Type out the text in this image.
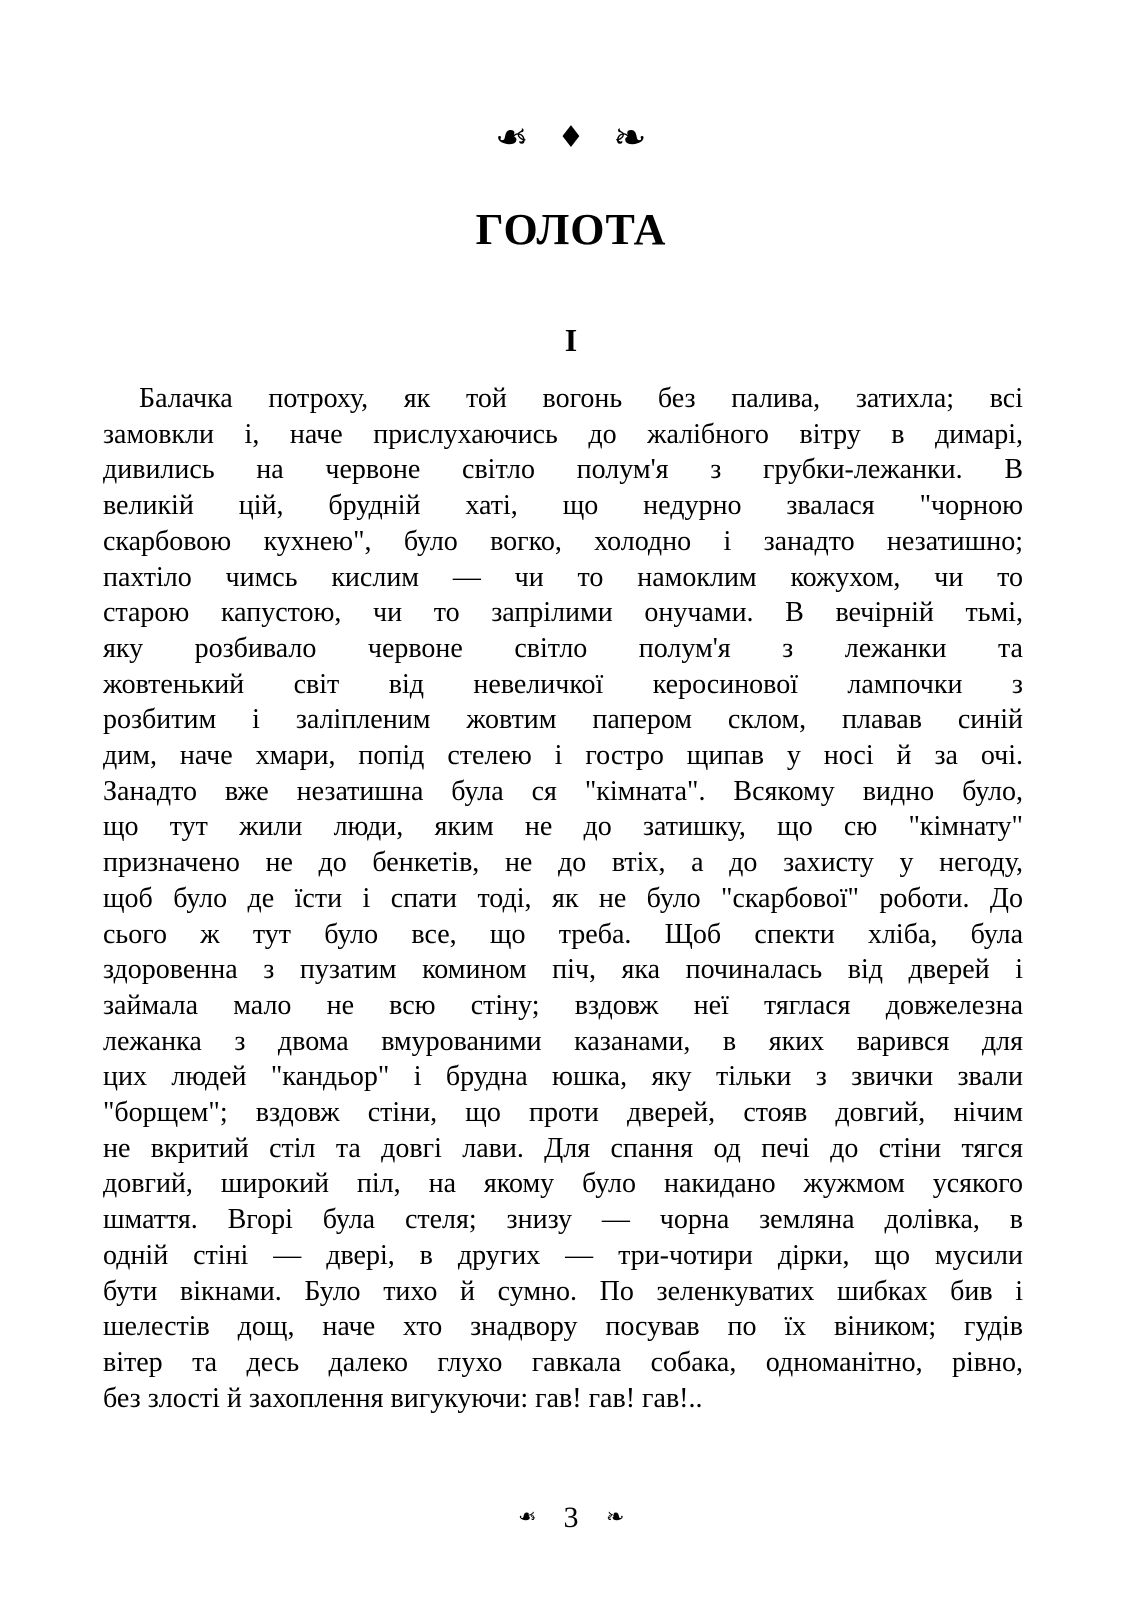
❧ ♦ ❧
ГОЛОТА
I
Балачка потроху, як той вогонь без палива, затихла; всі
замовкли і, наче прислухаючись до жалібного вітру в димарі,
дивились на червоне світло полум'я з грубки-лежанки. В
великій цій, брудній хаті, що недурно звалася "чорною
скарбовою кухнею", було вогко, холодно і занадто незатишно;
пахтіло чимсь кислим — чи то намоклим кожухом, чи то
старою капустою, чи то запрілими онучами. В вечірній тьмі,
яку розбивало червоне світло полум'я з лежанки та
жовтенький світ від невеличкої керосинової лампочки з
розбитим і заліпленим жовтим папером склом, плавав синій
дим, наче хмари, попід стелею і гостро щипав у носі й за очі.
Занадто вже незатишна була ся "кімната". Всякому видно було,
що тут жили люди, яким не до затишку, що сю "кімнату"
призначено не до бенкетів, не до втіх, а до захисту у негоду,
щоб було де їсти і спати тоді, як не було "скарбової" роботи. До
сього ж тут було все, що треба. Щоб спекти хліба, була
здоровенна з пузатим комином піч, яка починалась від дверей і
займала мало не всю стіну; вздовж неї тяглася довжелезна
лежанка з двома вмурованими казанами, в яких варився для
цих людей "кандьор" і брудна юшка, яку тільки з звички звали
"борщем"; вздовж стіни, що проти дверей, стояв довгий, нічим
не вкритий стіл та довгі лави. Для спання од печі до стіни тягся
довгий, широкий піл, на якому було накидано жужмом усякого
шмаття. Вгорі була стеля; знизу — чорна земляна долівка, в
одній стіні — двері, в других — три-чотири дірки, що мусили
бути вікнами. Було тихо й сумно. По зеленкуватих шибках бив і
шелестів дощ, наче хто знадвору посував по їх віником; гудів
вітер та десь далеко глухо гавкала собака, одноманітно, рівно,
без злості й захоплення вигукуючи: гав! гав! гав!..
❧ 3 ❧
